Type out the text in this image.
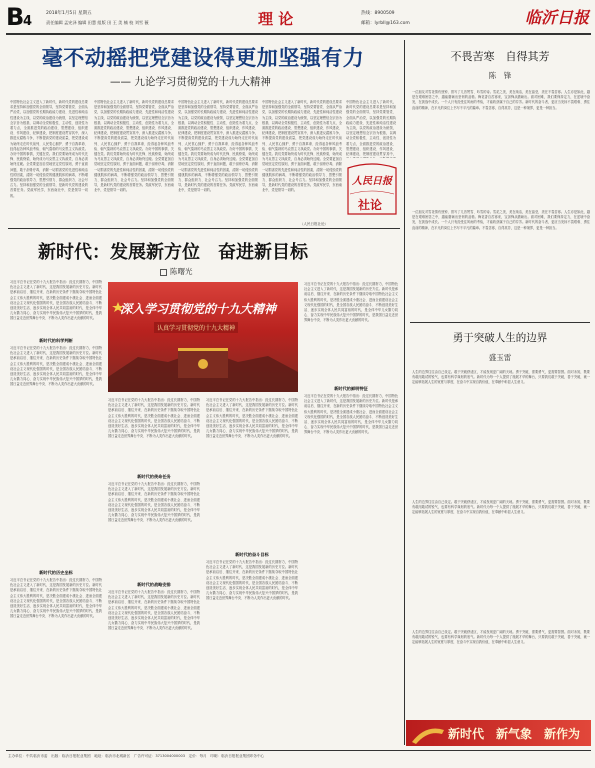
B
4
2018年1月5日 星期五
责任编辑 孟宪泽 编辑 田慧 组版 田 王 美 楠 校 刘雪 薇	理 论	热线：8900509
邮箱：lyrbll@163.com	临沂日报
毫不动摇把党建设得更加坚强有力
—— 九论学习贯彻党的十九大精神
中国特色社会主义进入了新时代，新时代党的建设总要求是坚持和加强党的全面领导，坚持党要管党、全面从严治党，以加强党的长期执政能力建设、先进性和纯洁性建设为主线，以党的政治建设为统领，以坚定理想信念宗旨为根基，以调动全党积极性、主动性、创造性为着力点，全面推进党的政治建设、思想建设、组织建设、作风建设、纪律建设，把制度建设贯穿其中，深入推进反腐败斗争，不断提高党的建设质量，把党建设成为始终走在时代前列、人民衷心拥护、勇于自我革命、经得起各种风浪考验、朝气蓬勃的马克思主义执政党。办好中国的事情，关键在党。我们党要始终成为时代先锋、民族脊梁，始终成为马克思主义执政党，自身必须始终过硬。全党要更加自觉地坚定党性原则，勇于直面问题，敢于刮骨疗毒，消除一切损害党的先进性和纯洁性的因素，清除一切侵蚀党的健康肌体的病毒，不断增强党的政治领导力、思想引领力、群众组织力、社会号召力。坚持和加强党的全面领导，是新时代党的建设的首要任务。党政军民学，东西南北中，党是领导一切的。
中国特色社会主义进入了新时代，新时代党的建设总要求是坚持和加强党的全面领导，坚持党要管党、全面从严治党，以加强党的长期执政能力建设、先进性和纯洁性建设为主线，以党的政治建设为统领，以坚定理想信念宗旨为根基，以调动全党积极性、主动性、创造性为着力点，全面推进党的政治建设、思想建设、组织建设、作风建设、纪律建设，把制度建设贯穿其中，深入推进反腐败斗争，不断提高党的建设质量，把党建设成为始终走在时代前列、人民衷心拥护、勇于自我革命、经得起各种风浪考验、朝气蓬勃的马克思主义执政党。办好中国的事情，关键在党。我们党要始终成为时代先锋、民族脊梁，始终成为马克思主义执政党，自身必须始终过硬。全党要更加自觉地坚定党性原则，勇于直面问题，敢于刮骨疗毒，消除一切损害党的先进性和纯洁性的因素，清除一切侵蚀党的健康肌体的病毒，不断增强党的政治领导力、思想引领力、群众组织力、社会号召力。坚持和加强党的全面领导，是新时代党的建设的首要任务。党政军民学，东西南北中，党是领导一切的。
中国特色社会主义进入了新时代，新时代党的建设总要求是坚持和加强党的全面领导，坚持党要管党、全面从严治党，以加强党的长期执政能力建设、先进性和纯洁性建设为主线，以党的政治建设为统领，以坚定理想信念宗旨为根基，以调动全党积极性、主动性、创造性为着力点，全面推进党的政治建设、思想建设、组织建设、作风建设、纪律建设，把制度建设贯穿其中，深入推进反腐败斗争，不断提高党的建设质量，把党建设成为始终走在时代前列、人民衷心拥护、勇于自我革命、经得起各种风浪考验、朝气蓬勃的马克思主义执政党。办好中国的事情，关键在党。我们党要始终成为时代先锋、民族脊梁，始终成为马克思主义执政党，自身必须始终过硬。全党要更加自觉地坚定党性原则，勇于直面问题，敢于刮骨疗毒，消除一切损害党的先进性和纯洁性的因素，清除一切侵蚀党的健康肌体的病毒，不断增强党的政治领导力、思想引领力、群众组织力、社会号召力。坚持和加强党的全面领导，是新时代党的建设的首要任务。党政军民学，东西南北中，党是领导一切的。
中国特色社会主义进入了新时代，新时代党的建设总要求是坚持和加强党的全面领导，坚持党要管党、全面从严治党，以加强党的长期执政能力建设、先进性和纯洁性建设为主线，以党的政治建设为统领，以坚定理想信念宗旨为根基，以调动全党积极性、主动性、创造性为着力点，全面推进党的政治建设、思想建设、组织建设、作风建设、纪律建设，把制度建设贯穿其中，深入推进反腐败斗争，不断提高党的建设质量，把党建设成为始终走在时代前列、人民衷心拥护、勇于自我革命、经得起各种风浪考验、朝气蓬勃的马克思主义执政党。办好中国的事情，关键在党。我们党要始终成为时代先锋、民族脊梁，始终成为马克思主义执政党，自身必须始终过硬。全党要更加自觉地坚定党性原则，勇于直面问题，敢于刮骨疗毒，消除一切损害党的先进性和纯洁性的因素，清除一切侵蚀党的健康肌体的病毒，不断增强党的政治领导力、思想引领力、群众组织力、社会号召力。坚持和加强党的全面领导，是新时代党的建设的首要任务。党政军民学，东西南北中，党是领导一切的。
中国特色社会主义进入了新时代，新时代党的建设总要求是坚持和加强党的全面领导，坚持党要管党、全面从严治党，以加强党的长期执政能力建设、先进性和纯洁性建设为主线，以党的政治建设为统领，以坚定理想信念宗旨为根基，以调动全党积极性、主动性、创造性为着力点，全面推进党的政治建设、思想建设、组织建设、作风建设、纪律建设，把制度建设贯穿其中，
（人民日报社论）
人民日报
社论
不畏苦寒　自得其芳
陈　锋
一位朋友对雪花情有独钟，曾写了几首赞雪、吟雪的诗。雪花之美，美在纯洁，美在晶莹，美在不畏苦寒。人生亦是如此，越是在艰难困苦之中，越能磨砺出坚韧的品格。梅花香自苦寒来，宝剑锋从磨砺出。面对困难，我们要保持定力，在逆境中奋发，在挑战中成长。一个人只有经受住风雨的考验，才能收获属于自己的芬芳。新时代的奋斗者，更应当发扬不畏艰难、勇往直前的精神，在平凡的岗位上书写不平凡的篇章。不畏苦寒，自得其芳，这是一种境界，更是一种担当。
一位朋友对雪花情有独钟，曾写了几首赞雪、吟雪的诗。雪花之美，美在纯洁，美在晶莹，美在不畏苦寒。人生亦是如此，越是在艰难困苦之中，越能磨砺出坚韧的品格。梅花香自苦寒来，宝剑锋从磨砺出。面对困难，我们要保持定力，在逆境中奋发，在挑战中成长。一个人只有经受住风雨的考验，才能收获属于自己的芬芳。新时代的奋斗者，更应当发扬不畏艰难、勇往直前的精神，在平凡的岗位上书写不平凡的篇章。不畏苦寒，自得其芳，这是一种境界，更是一种担当。
勇于突破人生的边界
盛玉雷
人生的边界往往由自己设定。敢于突破舒适区，才能发现更广阔的天地。勇于突破，需要勇气，更需要智慧。面对未知，既要有敢闯敢试的锐气，也要有科学谋划的底气。新时代为每一个人提供了施展才华的舞台，只要我们敢于突破，善于突破，就一定能够拓展人生的宽度与厚度，在奋斗中实现自我价值，在奉献中彰显人生意义。
人生的边界往往由自己设定。敢于突破舒适区，才能发现更广阔的天地。勇于突破，需要勇气，更需要智慧。面对未知，既要有敢闯敢试的锐气，也要有科学谋划的底气。新时代为每一个人提供了施展才华的舞台，只要我们敢于突破，善于突破，就一定能够拓展人生的宽度与厚度，在奋斗中实现自我价值，在奉献中彰显人生意义。
人生的边界往往由自己设定。敢于突破舒适区，才能发现更广阔的天地。勇于突破，需要勇气，更需要智慧。面对未知，既要有敢闯敢试的锐气，也要有科学谋划的底气。新时代为每一个人提供了施展才华的舞台，只要我们敢于突破，善于突破，就一定能够拓展人生的宽度与厚度，在奋斗中实现自我价值，在奉献中彰显人生意义。
新时代：发展新方位　奋进新目标
陈曙光
习近平总书记在党的十九大报告中指出：经过长期努力，中国特色社会主义进入了新时代，这是我国发展新的历史方位。新时代是承前启后、继往开来、在新的历史条件下继续夺取中国特色社会主义伟大胜利的时代，是决胜全面建成小康社会、进而全面建设社会主义现代化强国的时代，是全国各族人民团结奋斗、不断创造美好生活、逐步实现全体人民共同富裕的时代，是全体中华儿女勠力同心、奋力实现中华民族伟大复兴中国梦的时代，是我国日益走近世界舞台中央、不断为人类作出更大贡献的时代。
新时代的科学判断
习近平总书记在党的十九大报告中指出：经过长期努力，中国特色社会主义进入了新时代，这是我国发展新的历史方位。新时代是承前启后、继往开来、在新的历史条件下继续夺取中国特色社会主义伟大胜利的时代，是决胜全面建成小康社会、进而全面建设社会主义现代化强国的时代，是全国各族人民团结奋斗、不断创造美好生活、逐步实现全体人民共同富裕的时代，是全体中华儿女勠力同心、奋力实现中华民族伟大复兴中国梦的时代，是我国日益走近世界舞台中央、不断为人类作出更大贡献的时代。
新时代的历史坐标
习近平总书记在党的十九大报告中指出：经过长期努力，中国特色社会主义进入了新时代，这是我国发展新的历史方位。新时代是承前启后、继往开来、在新的历史条件下继续夺取中国特色社会主义伟大胜利的时代，是决胜全面建成小康社会、进而全面建设社会主义现代化强国的时代，是全国各族人民团结奋斗、不断创造美好生活、逐步实现全体人民共同富裕的时代，是全体中华儿女勠力同心、奋力实现中华民族伟大复兴中国梦的时代，是我国日益走近世界舞台中央、不断为人类作出更大贡献的时代。
深入学习贯彻党的十九大精神
认真学习贯彻党的十九大精神
习近平总书记在党的十九大报告中指出：经过长期努力，中国特色社会主义进入了新时代，这是我国发展新的历史方位。新时代是承前启后、继往开来、在新的历史条件下继续夺取中国特色社会主义伟大胜利的时代，是决胜全面建成小康社会、进而全面建设社会主义现代化强国的时代，是全国各族人民团结奋斗、不断创造美好生活、逐步实现全体人民共同富裕的时代，是全体中华儿女勠力同心、奋力实现中华民族伟大复兴中国梦的时代，是我国日益走近世界舞台中央、不断为人类作出更大贡献的时代。
新时代的使命任务
习近平总书记在党的十九大报告中指出：经过长期努力，中国特色社会主义进入了新时代，这是我国发展新的历史方位。新时代是承前启后、继往开来、在新的历史条件下继续夺取中国特色社会主义伟大胜利的时代，是决胜全面建成小康社会、进而全面建设社会主义现代化强国的时代，是全国各族人民团结奋斗、不断创造美好生活、逐步实现全体人民共同富裕的时代，是全体中华儿女勠力同心、奋力实现中华民族伟大复兴中国梦的时代，是我国日益走近世界舞台中央、不断为人类作出更大贡献的时代。
新时代的战略安排
习近平总书记在党的十九大报告中指出：经过长期努力，中国特色社会主义进入了新时代，这是我国发展新的历史方位。新时代是承前启后、继往开来、在新的历史条件下继续夺取中国特色社会主义伟大胜利的时代，是决胜全面建成小康社会、进而全面建设社会主义现代化强国的时代，是全国各族人民团结奋斗、不断创造美好生活、逐步实现全体人民共同富裕的时代，是全体中华儿女勠力同心、奋力实现中华民族伟大复兴中国梦的时代，是我国日益走近世界舞台中央、不断为人类作出更大贡献的时代。
习近平总书记在党的十九大报告中指出：经过长期努力，中国特色社会主义进入了新时代，这是我国发展新的历史方位。新时代是承前启后、继往开来、在新的历史条件下继续夺取中国特色社会主义伟大胜利的时代，是决胜全面建成小康社会、进而全面建设社会主义现代化强国的时代，是全国各族人民团结奋斗、不断创造美好生活、逐步实现全体人民共同富裕的时代，是全体中华儿女勠力同心、奋力实现中华民族伟大复兴中国梦的时代，是我国日益走近世界舞台中央、不断为人类作出更大贡献的时代。
新时代的奋斗目标
习近平总书记在党的十九大报告中指出：经过长期努力，中国特色社会主义进入了新时代，这是我国发展新的历史方位。新时代是承前启后、继往开来、在新的历史条件下继续夺取中国特色社会主义伟大胜利的时代，是决胜全面建成小康社会、进而全面建设社会主义现代化强国的时代，是全国各族人民团结奋斗、不断创造美好生活、逐步实现全体人民共同富裕的时代，是全体中华儿女勠力同心、奋力实现中华民族伟大复兴中国梦的时代，是我国日益走近世界舞台中央、不断为人类作出更大贡献的时代。
习近平总书记在党的十九大报告中指出：经过长期努力，中国特色社会主义进入了新时代，这是我国发展新的历史方位。新时代是承前启后、继往开来、在新的历史条件下继续夺取中国特色社会主义伟大胜利的时代，是决胜全面建成小康社会、进而全面建设社会主义现代化强国的时代，是全国各族人民团结奋斗、不断创造美好生活、逐步实现全体人民共同富裕的时代，是全体中华儿女勠力同心、奋力实现中华民族伟大复兴中国梦的时代，是我国日益走近世界舞台中央、不断为人类作出更大贡献的时代。
新时代的鲜明特征
习近平总书记在党的十九大报告中指出：经过长期努力，中国特色社会主义进入了新时代，这是我国发展新的历史方位。新时代是承前启后、继往开来、在新的历史条件下继续夺取中国特色社会主义伟大胜利的时代，是决胜全面建成小康社会、进而全面建设社会主义现代化强国的时代，是全国各族人民团结奋斗、不断创造美好生活、逐步实现全体人民共同富裕的时代，是全体中华儿女勠力同心、奋力实现中华民族伟大复兴中国梦的时代，是我国日益走近世界舞台中央、不断为人类作出更大贡献的时代。
新时代　新气象　新作为
主办单位：中共临沂市委　出版：临沂日报报业集团　地址：临沂市北城新区　广告许可证：3713004000003　定价：每月　印刷：临沂日报报业集团印务中心
